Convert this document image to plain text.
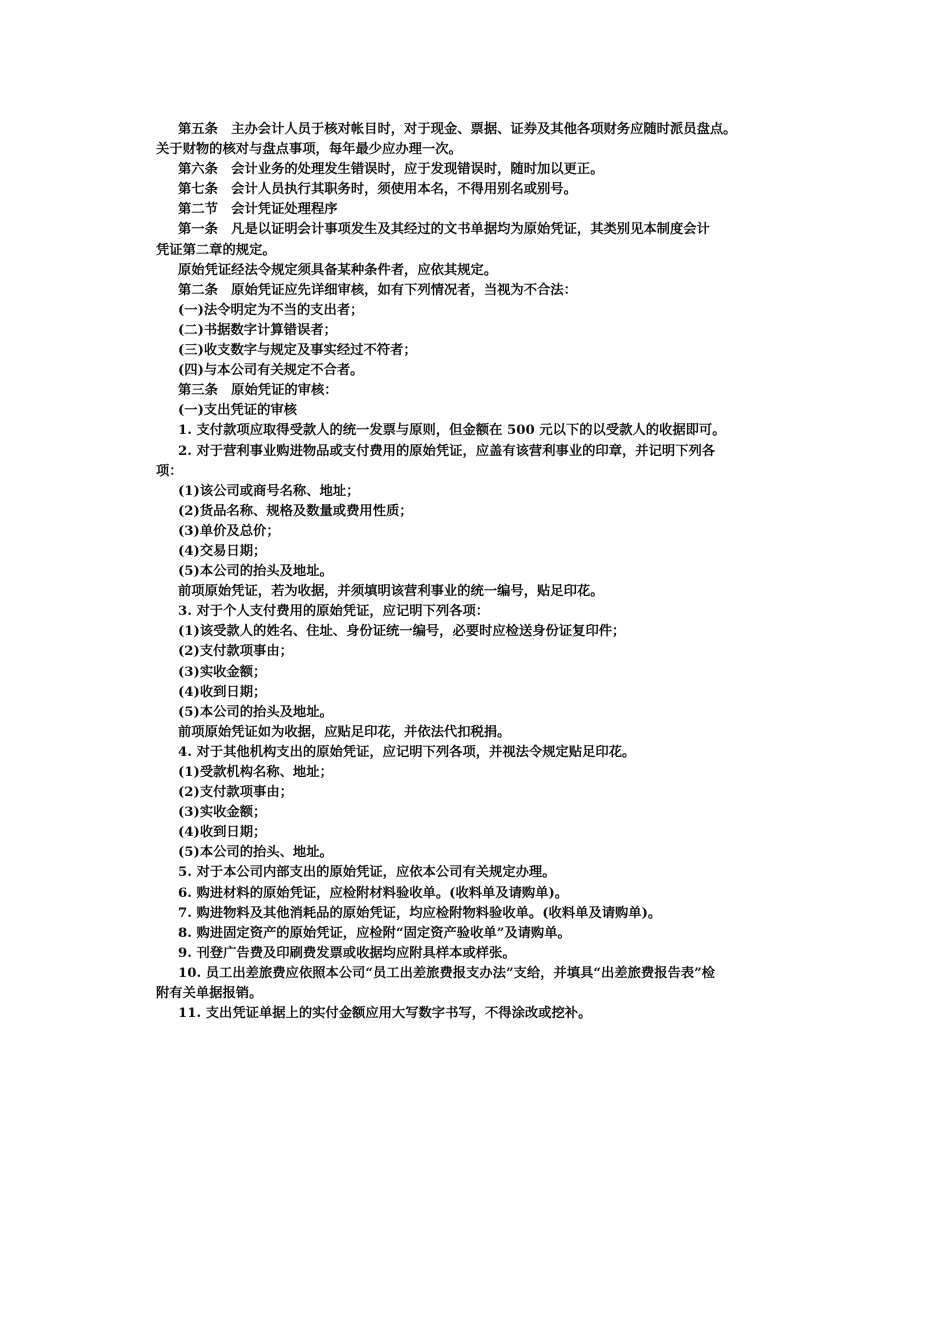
第五条　主办会计人员于核对帐目时，对于现金、票据、证券及其他各项财务应随时派员盘点。
关于财物的核对与盘点事项，每年最少应办理一次。
第六条　会计业务的处理发生错误时，应于发现错误时，随时加以更正。
第七条　会计人员执行其职务时，须使用本名，不得用别名或别号。
第二节　会计凭证处理程序
第一条　凡是以证明会计事项发生及其经过的文书单据均为原始凭证，其类别见本制度会计
凭证第二章的规定。
原始凭证经法令规定须具备某种条件者，应依其规定。
第二条　原始凭证应先详细审核，如有下列情况者，当视为不合法：
(一)法令明定为不当的支出者；
(二)书据数字计算错误者；
(三)收支数字与规定及事实经过不符者；
(四)与本公司有关规定不合者。
第三条　原始凭证的审核：
(一)支出凭证的审核
1. 支付款项应取得受款人的统一发票与原则，但金额在 500 元以下的以受款人的收据即可。
2. 对于营利事业购进物品或支付费用的原始凭证，应盖有该营利事业的印章，并记明下列各
项：
(1)该公司或商号名称、地址；
(2)货品名称、规格及数量或费用性质；
(3)单价及总价；
(4)交易日期；
(5)本公司的抬头及地址。
前项原始凭证，若为收据，并须填明该营利事业的统一编号，贴足印花。
3. 对于个人支付费用的原始凭证，应记明下列各项：
(1)该受款人的姓名、住址、身份证统一编号，必要时应检送身份证复印件；
(2)支付款项事由；
(3)实收金额；
(4)收到日期；
(5)本公司的抬头及地址。
前项原始凭证如为收据，应贴足印花，并依法代扣税捐。
4. 对于其他机构支出的原始凭证，应记明下列各项，并视法令规定贴足印花。
(1)受款机构名称、地址；
(2)支付款项事由；
(3)实收金额；
(4)收到日期；
(5)本公司的抬头、地址。
5. 对于本公司内部支出的原始凭证，应依本公司有关规定办理。
6. 购进材料的原始凭证，应检附材料验收单。(收料单及请购单)。
7. 购进物料及其他消耗品的原始凭证，均应检附物料验收单。(收料单及请购单)。
8. 购进固定资产的原始凭证，应检附“固定资产验收单”及请购单。
9. 刊登广告费及印刷费发票或收据均应附具样本或样张。
10. 员工出差旅费应依照本公司“员工出差旅费报支办法”支给，并填具“出差旅费报告表”检
附有关单据报销。
11. 支出凭证单据上的实付金额应用大写数字书写，不得涂改或挖补。
